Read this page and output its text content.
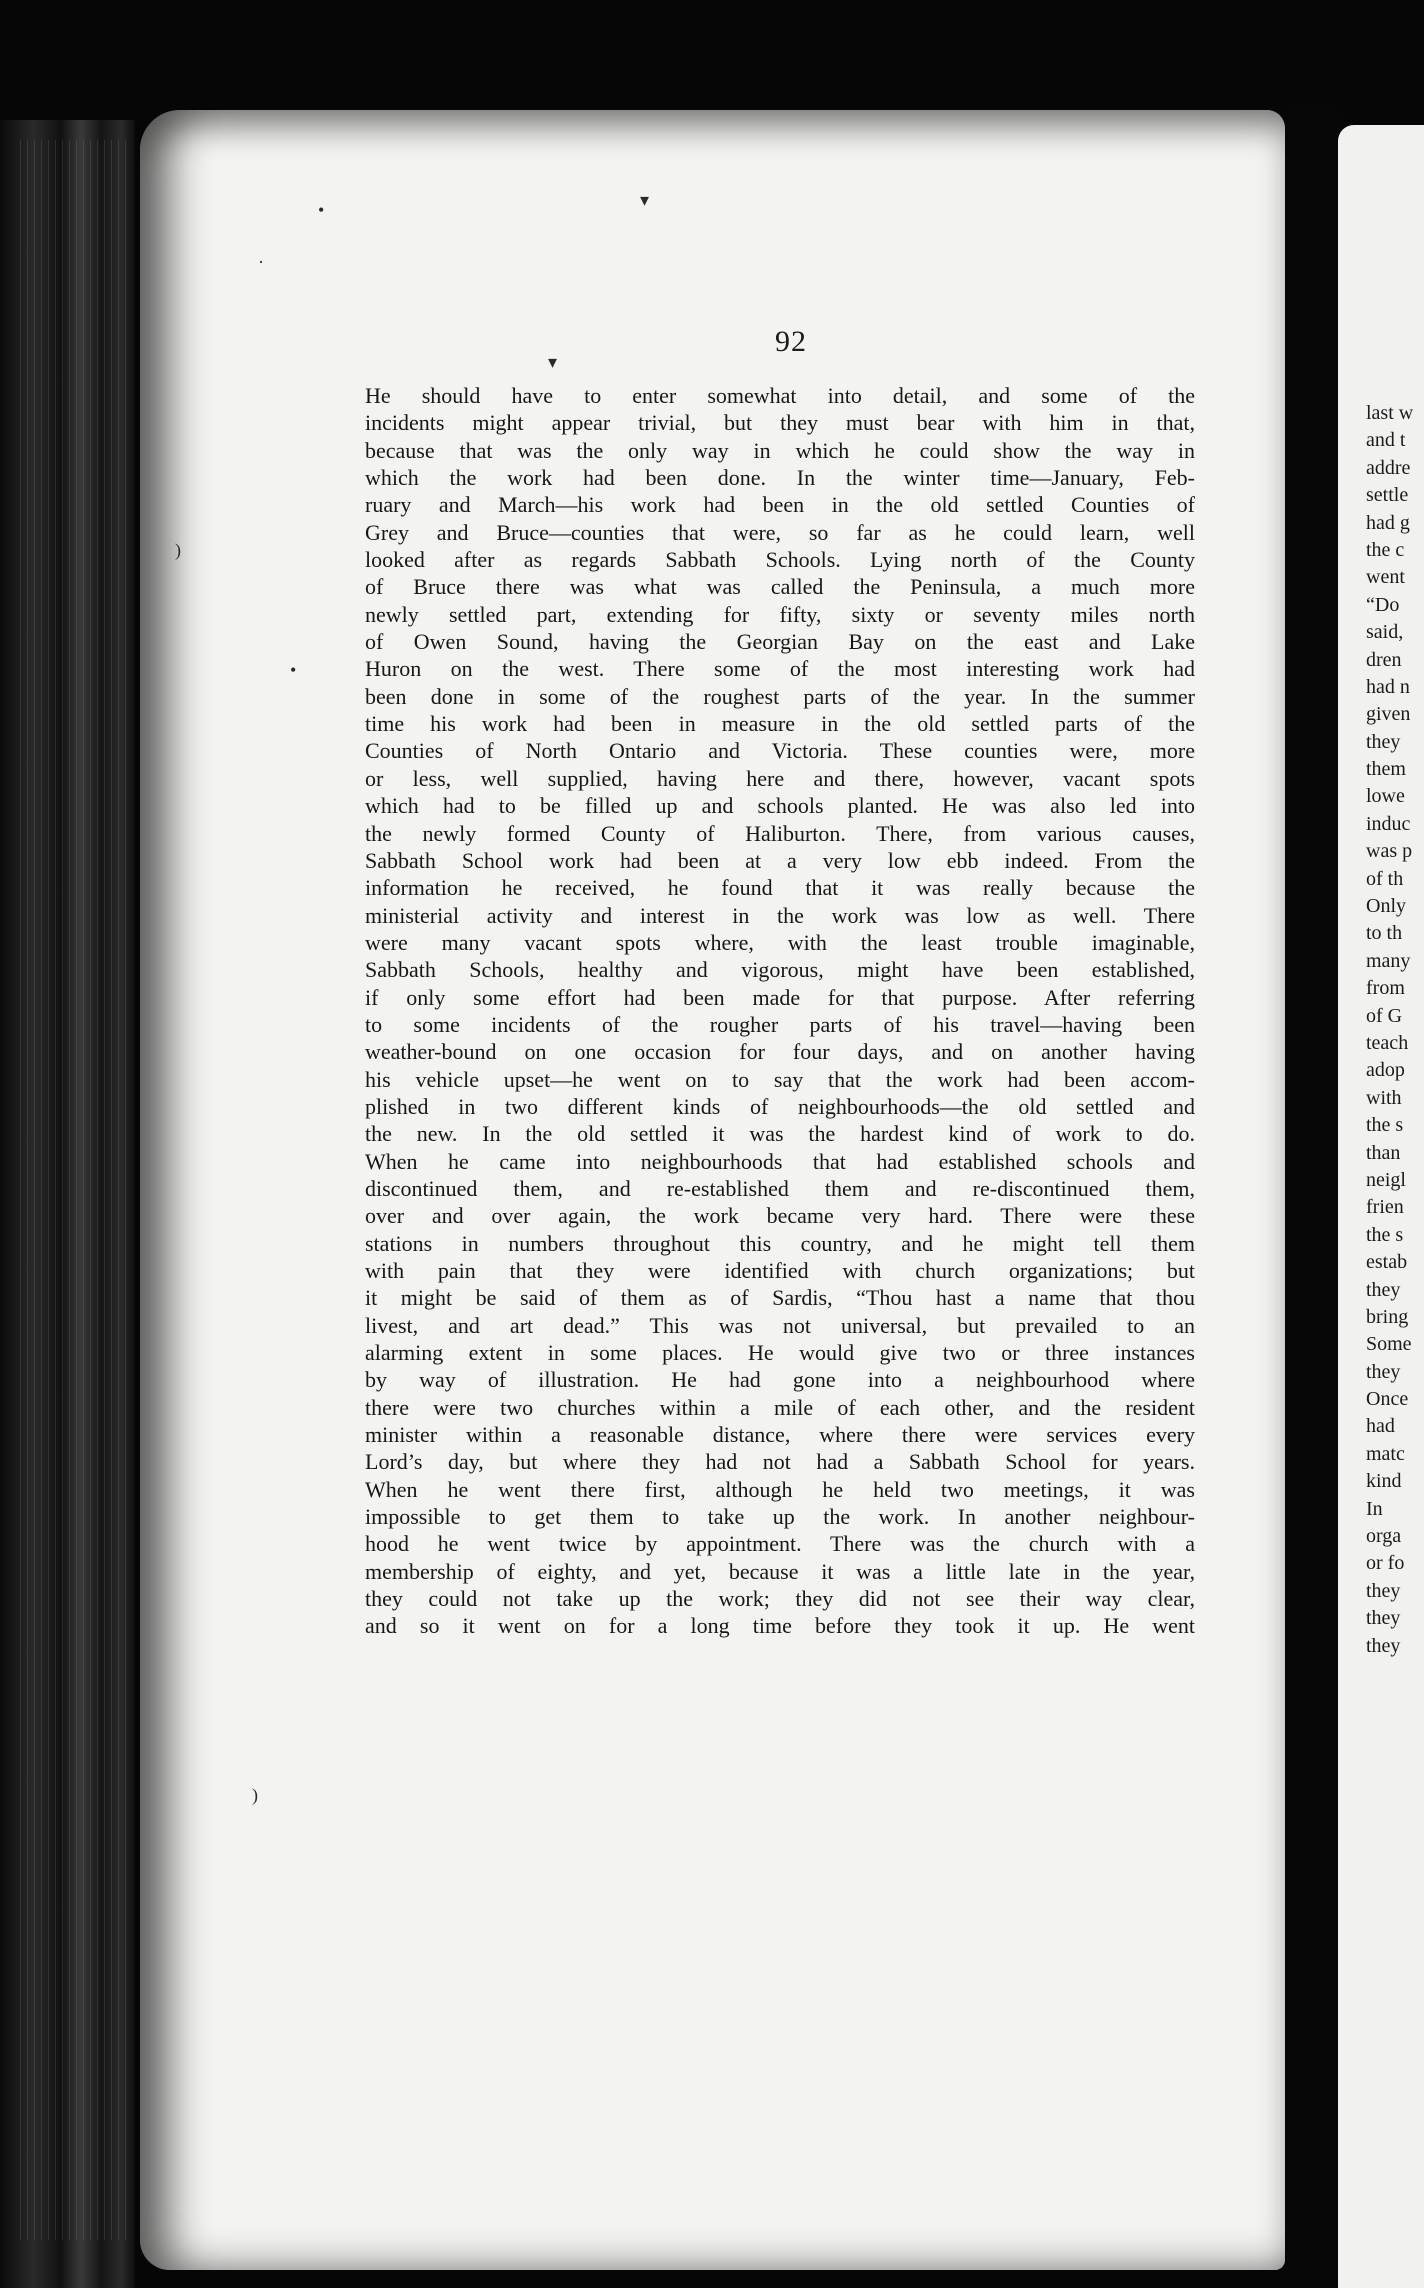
92
He should have to enter somewhat into detail, and some of the
incidents might appear trivial, but they must bear with him in that,
because that was the only way in which he could show the way in
which the work had been done. In the winter time—January, Feb-
ruary and March—his work had been in the old settled Counties of
Grey and Bruce—counties that were, so far as he could learn, well
looked after as regards Sabbath Schools. Lying north of the County
of Bruce there was what was called the Peninsula, a much more
newly settled part, extending for fifty, sixty or seventy miles north
of Owen Sound, having the Georgian Bay on the east and Lake
Huron on the west. There some of the most interesting work had
been done in some of the roughest parts of the year. In the summer
time his work had been in measure in the old settled parts of the
Counties of North Ontario and Victoria. These counties were, more
or less, well supplied, having here and there, however, vacant spots
which had to be filled up and schools planted. He was also led into
the newly formed County of Haliburton. There, from various causes,
Sabbath School work had been at a very low ebb indeed. From the
information he received, he found that it was really because the
ministerial activity and interest in the work was low as well. There
were many vacant spots where, with the least trouble imaginable,
Sabbath Schools, healthy and vigorous, might have been established,
if only some effort had been made for that purpose. After referring
to some incidents of the rougher parts of his travel—having been
weather-bound on one occasion for four days, and on another having
his vehicle upset—he went on to say that the work had been accom-
plished in two different kinds of neighbourhoods—the old settled and
the new. In the old settled it was the hardest kind of work to do.
When he came into neighbourhoods that had established schools and
discontinued them, and re-established them and re-discontinued them,
over and over again, the work became very hard. There were these
stations in numbers throughout this country, and he might tell them
with pain that they were identified with church organizations; but
it might be said of them as of Sardis, “Thou hast a name that thou
livest, and art dead.” This was not universal, but prevailed to an
alarming extent in some places. He would give two or three instances
by way of illustration. He had gone into a neighbourhood where
there were two churches within a mile of each other, and the resident
minister within a reasonable distance, where there were services every
Lord’s day, but where they had not had a Sabbath School for years.
When he went there first, although he held two meetings, it was
impossible to get them to take up the work. In another neighbour-
hood he went twice by appointment. There was the church with a
membership of eighty, and yet, because it was a little late in the year,
they could not take up the work; they did not see their way clear,
and so it went on for a long time before they took it up. He went
last w
and t
addre
settle
had g
the c
went
“Do
said,
dren
had n
given
they
them
lowe
induc
was p
of th
Only
to th
many
from
of G
teach
adop
with
the s
than
neigl
frien
the s
estab
they
bring
Some
they
Once
had
matc
kind
In
orga
or fo
they
they
they
•
·
▾
▾
•
)
)
